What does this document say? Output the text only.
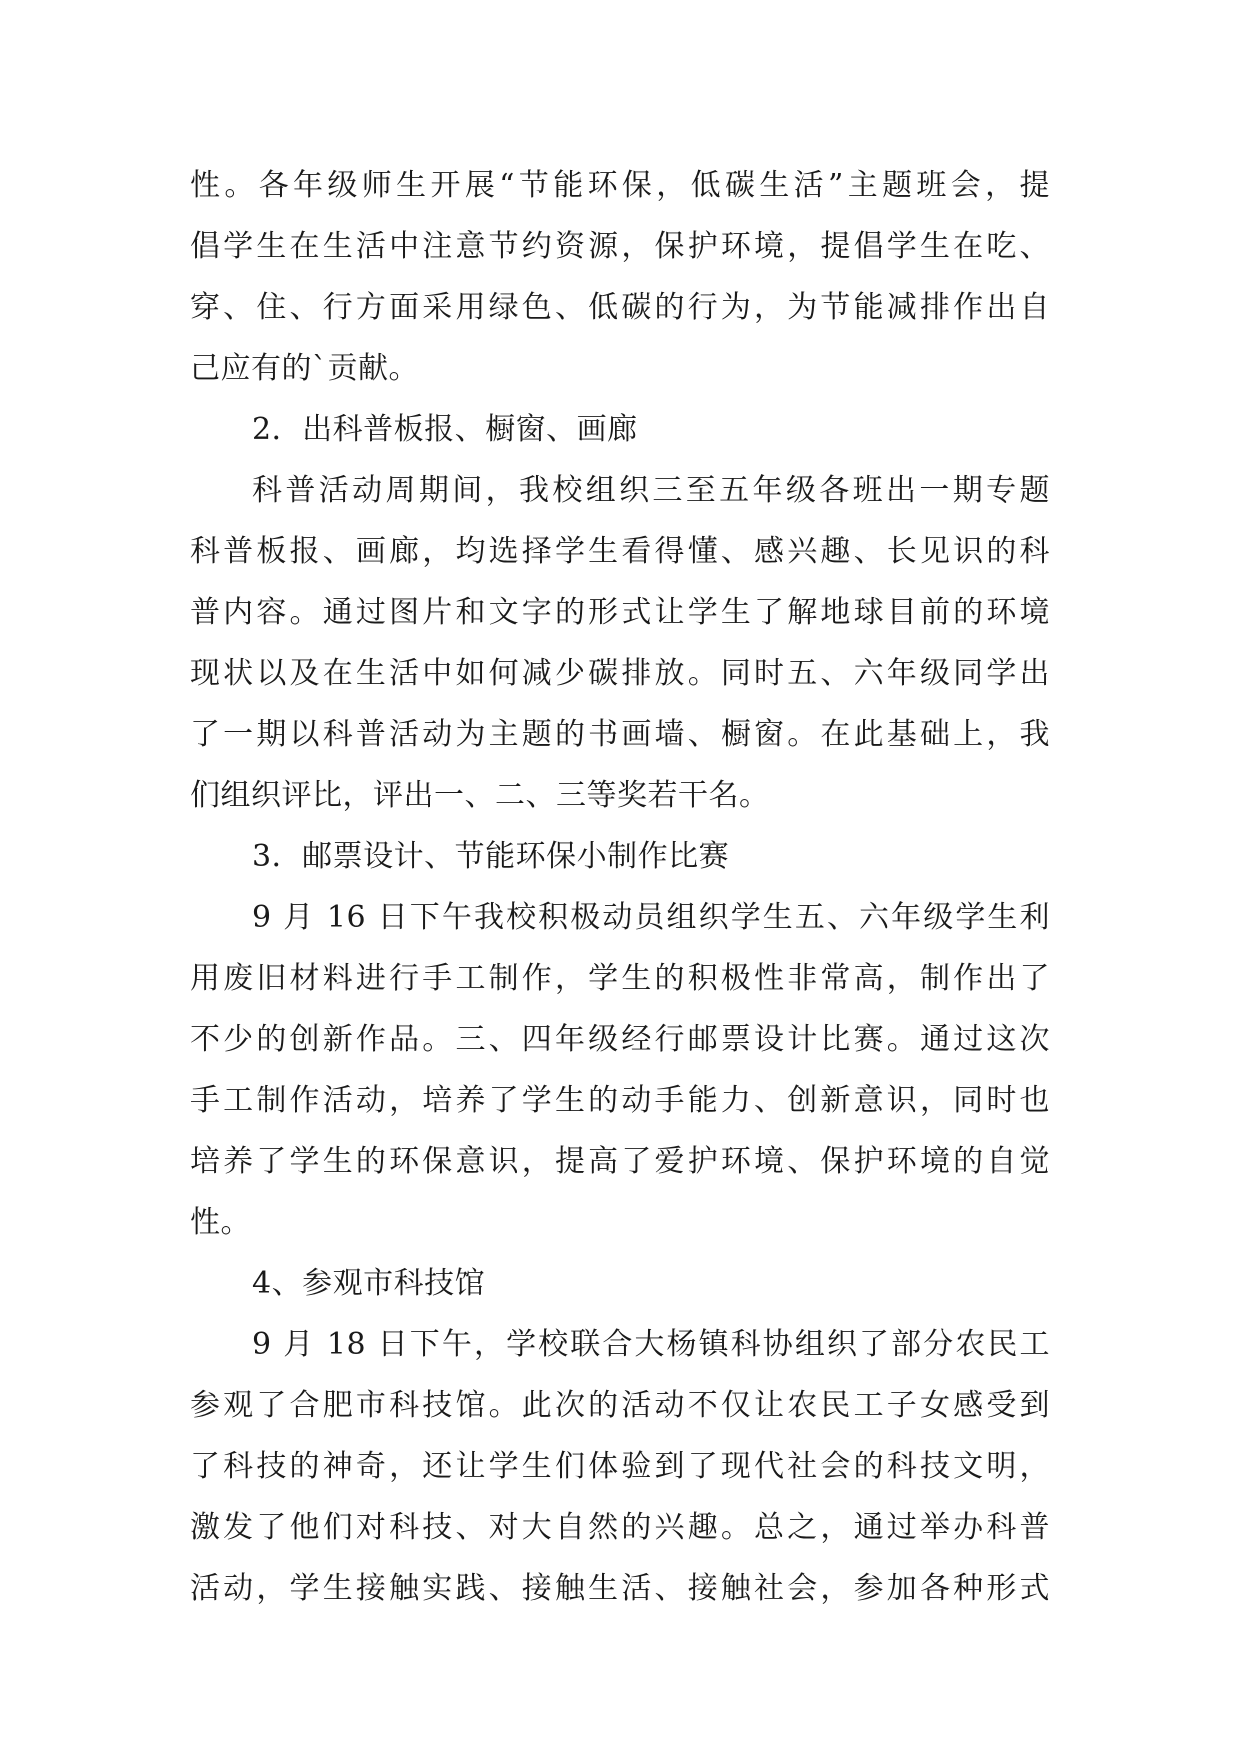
性。各年级师生开展“节能环保，低碳生活”主题班会，提
倡学生在生活中注意节约资源，保护环境，提倡学生在吃、
穿、住、行方面采用绿色、低碳的行为，为节能减排作出自
己应有的`贡献。
2．出科普板报、橱窗、画廊
科普活动周期间，我校组织三至五年级各班出一期专题
科普板报、画廊，均选择学生看得懂、感兴趣、长见识的科
普内容。通过图片和文字的形式让学生了解地球目前的环境
现状以及在生活中如何减少碳排放。同时五、六年级同学出
了一期以科普活动为主题的书画墙、橱窗。在此基础上，我
们组织评比，评出一、二、三等奖若干名。
3．邮票设计、节能环保小制作比赛
9 月 16 日下午我校积极动员组织学生五、六年级学生利
用废旧材料进行手工制作，学生的积极性非常高，制作出了
不少的创新作品。三、四年级经行邮票设计比赛。通过这次
手工制作活动，培养了学生的动手能力、创新意识，同时也
培养了学生的环保意识，提高了爱护环境、保护环境的自觉
性。
4、参观市科技馆
9 月 18 日下午，学校联合大杨镇科协组织了部分农民工
参观了合肥市科技馆。此次的活动不仅让农民工子女感受到
了科技的神奇，还让学生们体验到了现代社会的科技文明，
激发了他们对科技、对大自然的兴趣。总之，通过举办科普
活动，学生接触实践、接触生活、接触社会，参加各种形式
